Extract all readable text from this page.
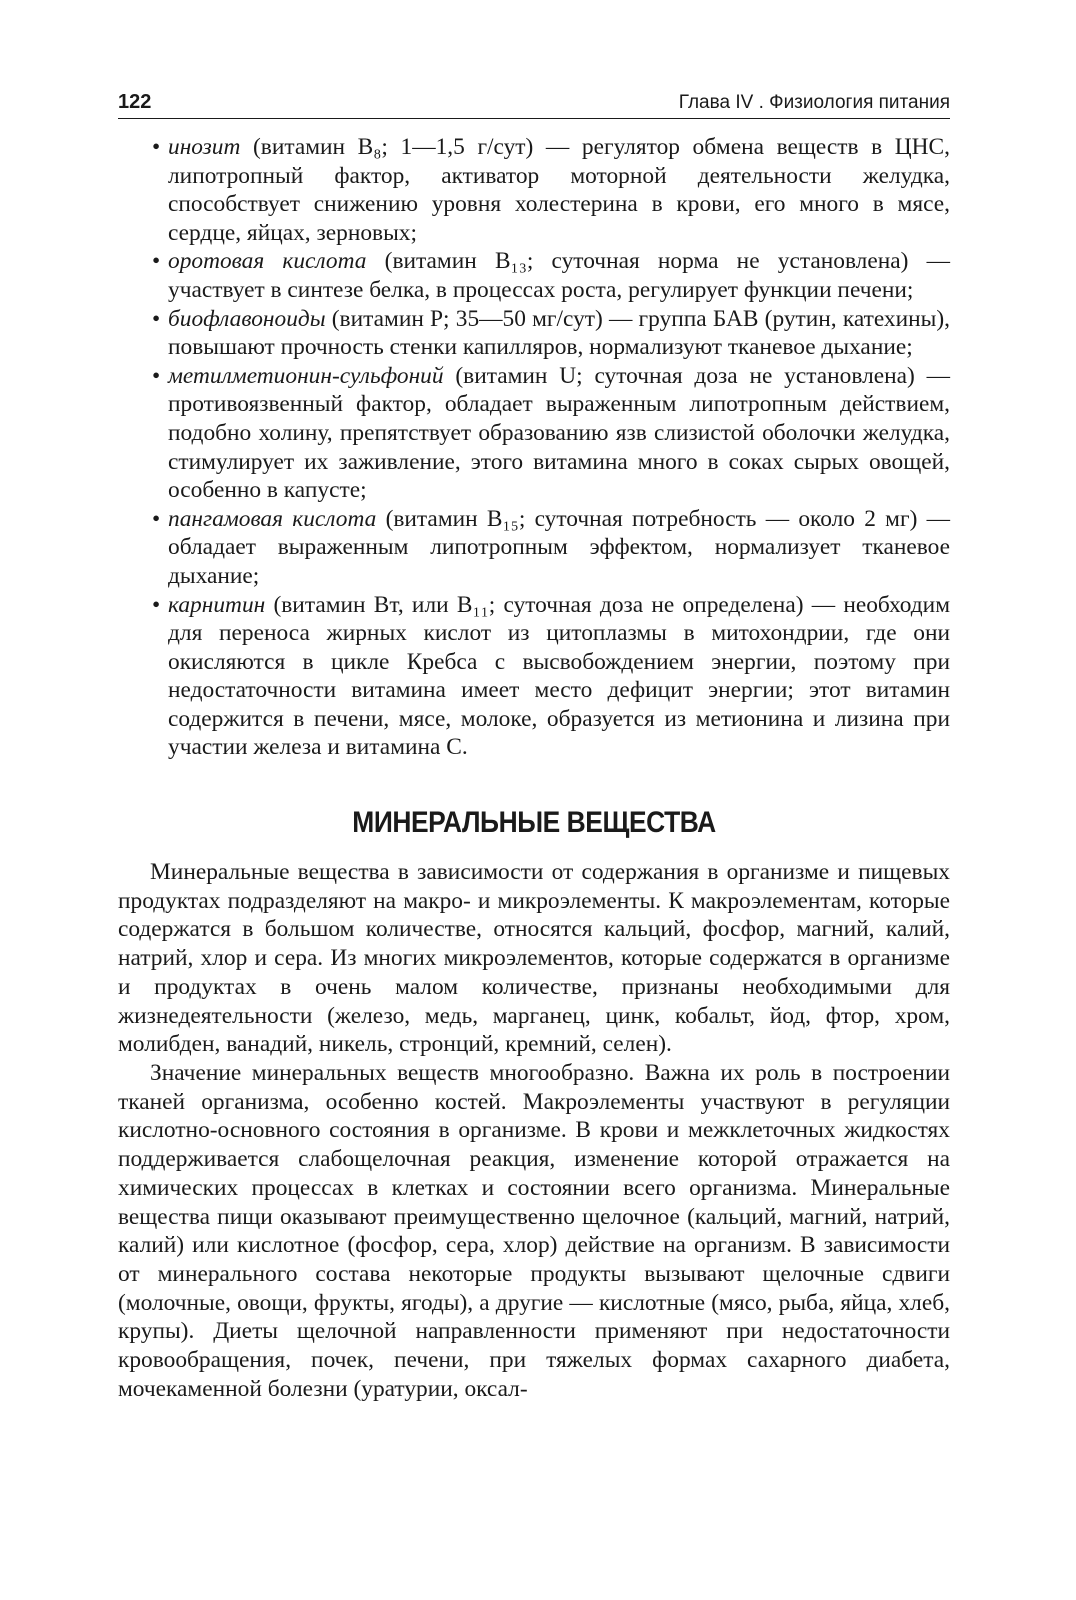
122	Глава IV . Физиология питания
• инозит (витамин B₈; 1—1,5 г/сут) — регулятор обмена веществ в ЦНС, липотропный фактор, активатор моторной деятельности желудка, способствует снижению уровня холестерина в крови, его много в мясе, сердце, яйцах, зерновых;
• оротовая кислота (витамин B₁₃; суточная норма не установлена) — участвует в синтезе белка, в процессах роста, регулирует функции печени;
• биофлавоноиды (витамин P; 35—50 мг/сут) — группа БАВ (рутин, катехины), повышают прочность стенки капилляров, нормализуют тканевое дыхание;
• метилметионин-сульфоний (витамин U; суточная доза не установлена) — противоязвенный фактор, обладает выраженным липотропным действием, подобно холину, препятствует образованию язв слизистой оболочки желудка, стимулирует их заживление, этого витамина много в соках сырых овощей, особенно в капусте;
• пангамовая кислота (витамин B₁₅; суточная потребность — около 2 мг) — обладает выраженным липотропным эффектом, нормализует тканевое дыхание;
• карнитин (витамин Bт, или B₁₁; суточная доза не определена) — необходим для переноса жирных кислот из цитоплазмы в митохондрии, где они окисляются в цикле Кребса с высвобождением энергии, поэтому при недостаточности витамина имеет место дефицит энергии; этот витамин содержится в печени, мясе, молоке, образуется из метионина и лизина при участии железа и витамина C.
МИНЕРАЛЬНЫЕ ВЕЩЕСТВА

Минеральные вещества в зависимости от содержания в организме и пищевых продуктах подразделяют на макро- и микроэлементы. К макроэлементам, которые содержатся в большом количестве, относятся кальций, фосфор, магний, калий, натрий, хлор и сера. Из многих микроэлементов, которые содержатся в организме и продуктах в очень малом количестве, признаны необходимыми для жизнедеятельности (железо, медь, марганец, цинк, кобальт, йод, фтор, хром, молибден, ванадий, никель, стронций, кремний, селен).

Значение минеральных веществ многообразно. Важна их роль в построении тканей организма, особенно костей. Макроэлементы участвуют в регуляции кислотно-основного состояния в организме. В крови и межклеточных жидкостях поддерживается слабощелочная реакция, изменение которой отражается на химических процессах в клетках и состоянии всего организма. Минеральные вещества пищи оказывают преимущественно щелочное (кальций, магний, натрий, калий) или кислотное (фосфор, сера, хлор) действие на организм. В зависимости от минерального состава некоторые продукты вызывают щелочные сдвиги (молочные, овощи, фрукты, ягоды), а другие — кислотные (мясо, рыба, яйца, хлеб, крупы). Диеты щелочной направленности применяют при недостаточности кровообращения, почек, печени, при тяжелых формах сахарного диабета, мочекаменной болезни (уратурии, оксал-
